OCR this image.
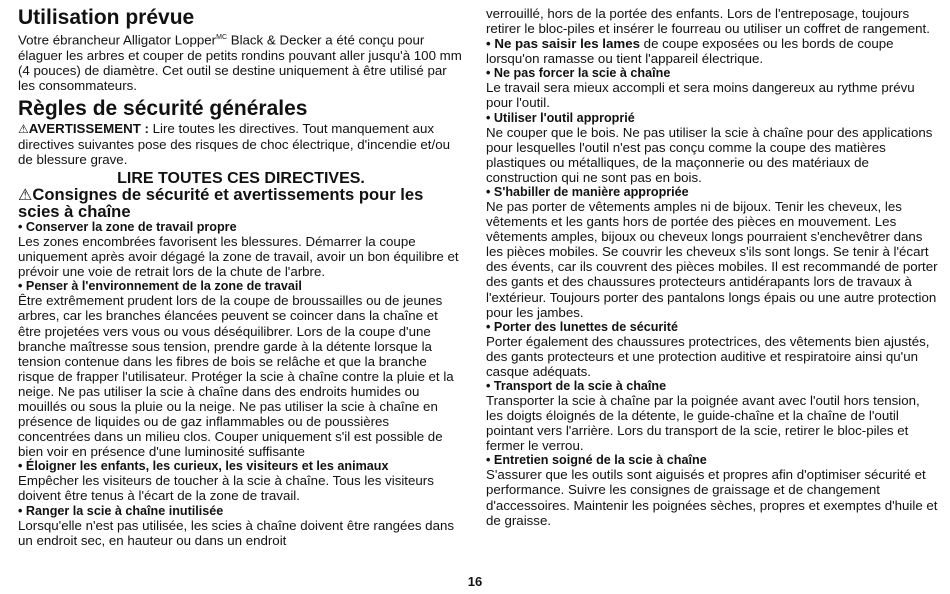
Utilisation prévue

Votre ébrancheur Alligator Lopper$^{MC}$ Black & Decker a été conçu pour élaguer les arbres et couper de petits rondins pouvant aller jusqu'à 100 mm (4 pouces) de diamètre. Cet outil se destine uniquement à être utilisé par les consommateurs.

Règles de sécurité générales

⚠AVERTISSEMENT : Lire toutes les directives. Tout manquement aux directives suivantes pose des risques de choc électrique, d'incendie et/ou de blessure grave.

LIRE TOUTES CES DIRECTIVES.
⚠Consignes de sécurité et avertissements pour les scies à chaîne
• Conserver la zone de travail propre

Les zones encombrées favorisent les blessures. Démarrer la coupe uniquement après avoir dégagé la zone de travail, avoir un bon équilibre et prévoir une voie de retrait lors de la chute de l'arbre.

• Penser à l'environnement de la zone de travail

Être extrêmement prudent lors de la coupe de broussailles ou de jeunes arbres, car les branches élancées peuvent se coincer dans la chaîne et être projetées vers vous ou vous déséquilibrer. Lors de la coupe d'une branche maîtresse sous tension, prendre garde à la détente lorsque la tension contenue dans les fibres de bois se relâche et que la branche risque de frapper l'utilisateur. Protéger la scie à chaîne contre la pluie et la neige. Ne pas utiliser la scie à chaîne dans des endroits humides ou mouillés ou sous la pluie ou la neige. Ne pas utiliser la scie à chaîne en présence de liquides ou de gaz inflammables ou de poussières concentrées dans un milieu clos. Couper uniquement s'il est possible de bien voir en présence d'une luminosité suffisante

• Éloigner les enfants, les curieux, les visiteurs et les animaux

Empêcher les visiteurs de toucher à la scie à chaîne. Tous les visiteurs doivent être tenus à l'écart de la zone de travail.

• Ranger la scie à chaîne inutilisée

Lorsqu'elle n'est pas utilisée, les scies à chaîne doivent être rangées dans un endroit sec, en hauteur ou dans un endroit

verrouillé, hors de la portée des enfants. Lors de l'entreposage, toujours retirer le bloc-piles et insérer le fourreau ou utiliser un coffret de rangement.

• Ne pas saisir les lames de coupe exposées ou les bords de coupe lorsqu'on ramasse ou tient l'appareil électrique.

• Ne pas forcer la scie à chaîne

Le travail sera mieux accompli et sera moins dangereux au rythme prévu pour l'outil.

• Utiliser l'outil approprié

Ne couper que le bois. Ne pas utiliser la scie à chaîne pour des applications pour lesquelles l'outil n'est pas conçu comme la coupe des matières plastiques ou métalliques, de la maçonnerie ou des matériaux de construction qui ne sont pas en bois.

• S'habiller de manière appropriée

Ne pas porter de vêtements amples ni de bijoux. Tenir les cheveux, les vêtements et les gants hors de portée des pièces en mouvement. Les vêtements amples, bijoux ou cheveux longs pourraient s'enchevêtrer dans les pièces mobiles. Se couvrir les cheveux s'ils sont longs. Se tenir à l'écart des évents, car ils couvrent des pièces mobiles. Il est recommandé de porter des gants et des chaussures protecteurs antidérapants lors de travaux à l'extérieur. Toujours porter des pantalons longs épais ou une autre protection pour les jambes.

• Porter des lunettes de sécurité

Porter également des chaussures protectrices, des vêtements bien ajustés, des gants protecteurs et une protection auditive et respiratoire ainsi qu'un casque adéquats.

• Transport de la scie à chaîne

Transporter la scie à chaîne par la poignée avant avec l'outil hors tension, les doigts éloignés de la détente, le guide-chaîne et la chaîne de l'outil pointant vers l'arrière. Lors du transport de la scie, retirer le bloc-piles et fermer le verrou.

• Entretien soigné de la scie à chaîne

S'assurer que les outils sont aiguisés et propres afin d'optimiser sécurité et performance. Suivre les consignes de graissage et de changement d'accessoires. Maintenir les poignées sèches, propres et exemptes d'huile et de graisse.

16
